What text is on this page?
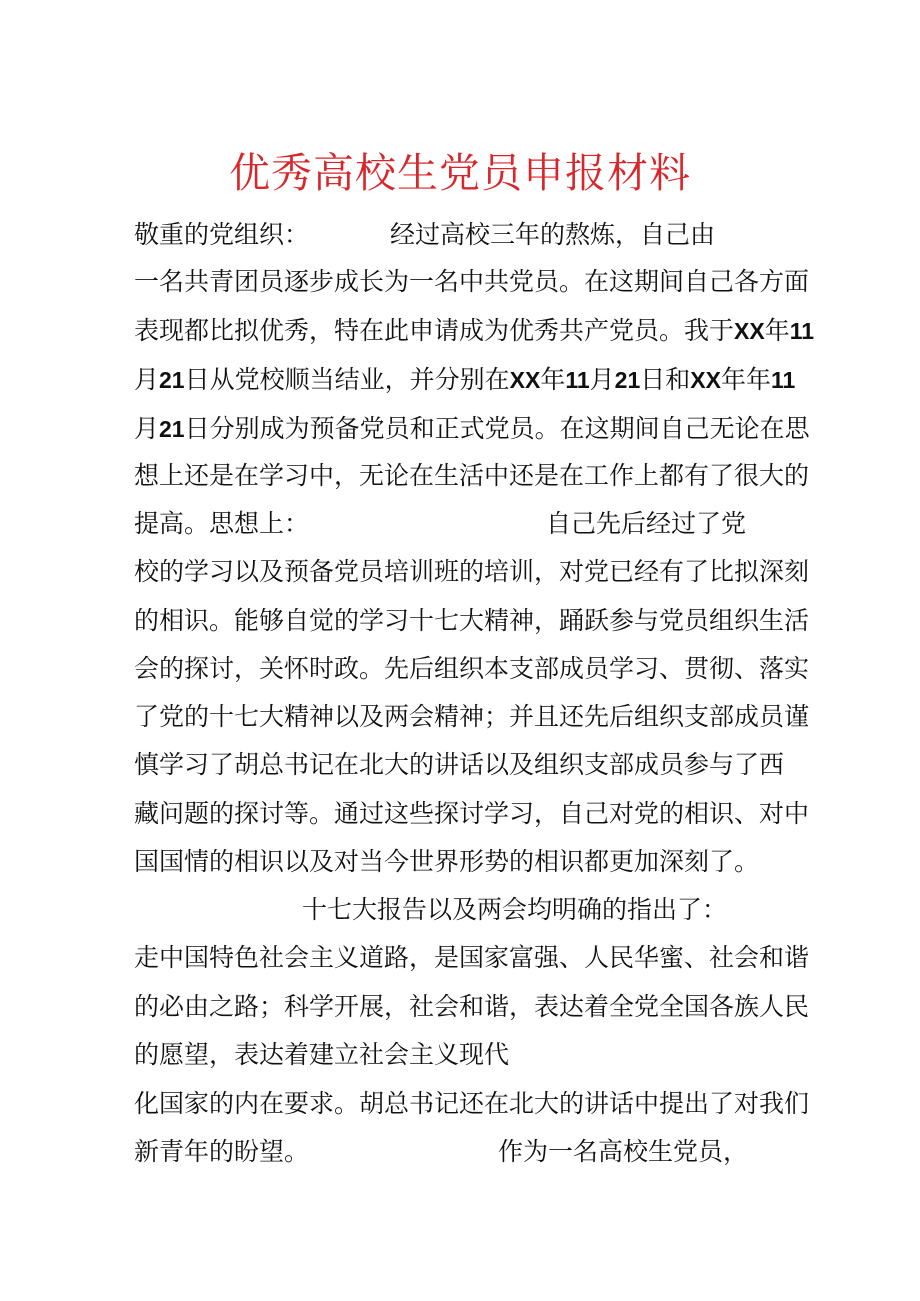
优秀高校生党员申报材料
敬重的党组织：	经过高校三年的熬炼，自己由
一名共青团员逐步成长为一名中共党员。在这期间自己各方面
表现都比拟优秀，特在此申请成为优秀共产党员。我于XX年11
月21日从党校顺当结业，并分别在XX年11月21日和XX年年11
月21日分别成为预备党员和正式党员。在这期间自己无论在思
想上还是在学习中，无论在生活中还是在工作上都有了很大的
提高。思想上：	自己先后经过了党
校的学习以及预备党员培训班的培训，对党已经有了比拟深刻
的相识。能够自觉的学习十七大精神，踊跃参与党员组织生活
会的探讨，关怀时政。先后组织本支部成员学习、贯彻、落实
了党的十七大精神以及两会精神；并且还先后组织支部成员谨
慎学习了胡总书记在北大的讲话以及组织支部成员参与了西
藏问题的探讨等。通过这些探讨学习，自己对党的相识、对中
国国情的相识以及对当今世界形势的相识都更加深刻了。
十七大报告以及两会均明确的指出了：
走中国特色社会主义道路，是国家富强、人民华蜜、社会和谐
的必由之路；科学开展，社会和谐，表达着全党全国各族人民
的愿望，表达着建立社会主义现代
化国家的内在要求。胡总书记还在北大的讲话中提出了对我们
新青年的盼望。	作为一名高校生党员，
